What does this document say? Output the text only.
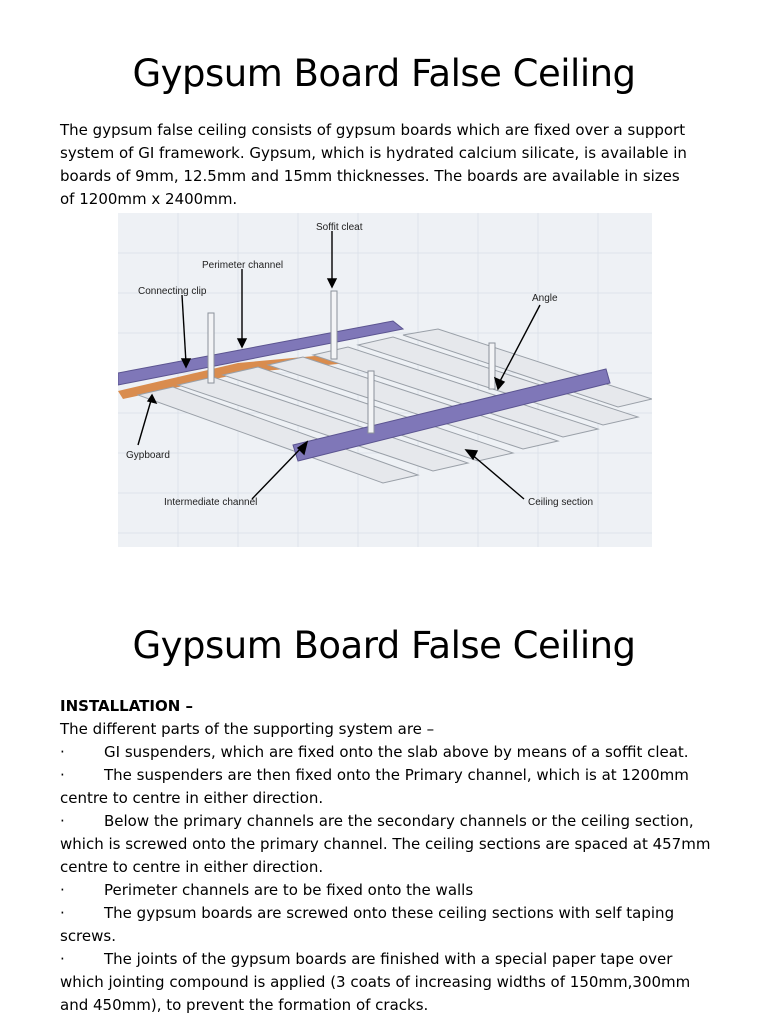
Gypsum Board False Ceiling
The gypsum false ceiling consists of gypsum boards which are fixed over a support
system of GI framework. Gypsum, which is hydrated calcium silicate, is available in
boards of 9mm, 12.5mm and 15mm thicknesses. The boards are available in sizes
of 1200mm x 2400mm.
Soffit cleat
Perimeter channel
Connecting clip
Angle
Gypboard
Intermediate channel	Ceiling section
Gypsum Board False Ceiling
INSTALLATION –
The different parts of the supporting system are –
·	GI suspenders, which are fixed onto the slab above by means of a soffit cleat.
·	The suspenders are then fixed onto the Primary channel, which is at 1200mm centre to centre in either direction.
·	Below the primary channels are the secondary channels or the ceiling section, which is screwed onto the primary channel. The ceiling sections are spaced at 457mm centre to centre in either direction.
·	Perimeter channels are to be fixed onto the walls
·	The gypsum boards are screwed onto these ceiling sections with self taping screws.
·	The joints of the gypsum boards are finished with a special paper tape over which jointing compound is applied (3 coats of increasing widths of 150mm,300mm and 450mm), to prevent the formation of cracks.
